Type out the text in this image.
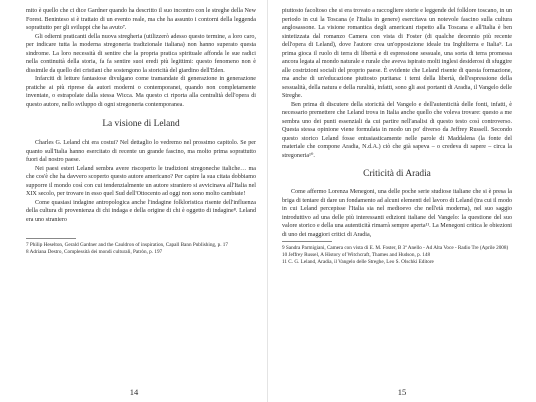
mito è quello che ci dice Gardner quando ha descritto il suo incontro con le streghe della New Forest. Beninteso si è trattato di un evento reale, ma che ha assunto i contorni della leggenda soprattutto per gli sviluppi che ha avuto⁷.

Gli odierni praticanti della nuova stregheria (utilizzerò adesso questo termine, a loro caro, per indicare tutta la moderna stregoneria tradizionale italiana) non hanno superato questa sindrome. La loro necessità di sentire che la propria pratica spirituale affonda le sue radici nella continuità della storia, fa fa sentire suoi eredi più legittimi: questo fenomeno non è dissimile da quello dei cristiani che sostengono la storicità del giardino dell'Eden.

Infarciti di letture fantasiose divulgano come tramandate di generazione in generazione pratiche ai più riprese da autori moderni o contemporanei, quando non completamente inventate, o estrapolate dalla stessa Wicca. Ma questo ci riporta alla centralità dell'opera di questo autore, nello sviluppo di ogni stregoneria contemporanea.

La visione di Leland

Charles G. Leland chi era costui? Nel dettaglio lo vedremo nel prossimo capitolo. Se per quanto sull'Italia hanno esercitato di recente un grande fascino, ma molto prima soprattutto fuori dal nostro paese.

Nei paesi esteri Leland sembra avere riscoperto le tradizioni stregoneche italiche… ma che cos'è che ha davvero scoperto questo autore americano? Per capire la sua citata dobbiamo supporre il mondo così con cui tendenzialmente un autore straniero si avvicinava all'Italia nel XIX secolo, per trovare in esso quel Sud dell'Ottocento ad oggi non sono molto cambiate!

Come quasiasi indagine antropologica anche l'indagine folkloristica risente dell'influenza della cultura di provenienza di chi indaga e della origine di chi è oggetto di indagine⁸. Leland era uno straniero

7 Philip Heselton, Gerald Gardner and the Cauldron of inspiration, Capall Bann Publishing, p. 17

8 Adriana Destro, Complessità dei mondi culturali, Patròn, p. 197

14

piuttosto facoltoso che si era trovato a raccogliere storie e leggende del folklore toscano, in un periodo in cui la Toscana (e l'Italia in genere) esercitava un notevole fascino sulla cultura anglosassone. La visione romantica degli americani rispetto alla Toscana e all'Italia è ben sintetizzata dal romanzo Camera con vista di Foster (di qualche decennio più recente dell'opera di Leland), dove l'autore crea un'opposizione ideale tra Inghilterra e Italia⁹. La prima gioca il ruolo di terra di libertà e di espressione sessuale, una sorta di terra promessa ancora legata al mondo naturale e rurale che aveva ispirato molti inglesi desiderosi di sfuggire alle costrizioni sociali del proprio paese. È evidente che Leland risente di questa formazione, ma anche di un'educazione piuttosto puritana: i temi della libertà, dell'espressione della sessualità, della natura e della ruralità, infatti, sono gli assi portanti di Aradia, il Vangelo delle Streghe.

Ben prima di discutere della storicità del Vangelo e dell'autenticità delle fonti, infatti, è necessario premettere che Leland trova in Italia anche quello che voleva trovare: questo a me sembra uno dei punti essenziali da cui partire nell'analisi di questo testo così controverso. Questa stessa opinione viene formulata in modo un po' diverso da Jeffrey Russell. Secondo questo storico Leland fosse entusiasticamente nelle parole di Maddalena (la fonte del materiale che compone Aradia, N.d.A.) ciò che già sapeva – o credeva di sapere – circa la stregoneria¹⁰.

Criticità di Aradia

Come affermo Lorenza Menegoni, una delle poche serie studiose italiane che si è presa la briga di tentare di dare un fondamento ad alcuni elementi del lavoro di Leland (tra cui il modo in cui Leland percepisse l'Italia sia nel medioevo che nell'età moderna), nel suo saggio introduttivo ad una delle più interessanti edizioni italiane del Vangelo: la questione del suo valore storico e della una autenticità rimarrà sempre aperta¹¹. La Menegoni critica le obiezioni di uno dei maggiori critici di Aradia,

9 Sandra Parmigiani, Camera con vista di E. M. Foster, B 3ª Anello - Ad Alta Voce - Radio Tre (Aprile 2008)

10 Jeffrey Russel, A History of Witchcraft, Thames and Hudson, p. 148

11 C. G. Leland, Aradia, il Vangelo delle Streghe, Leo S. Olschki Editore

15
